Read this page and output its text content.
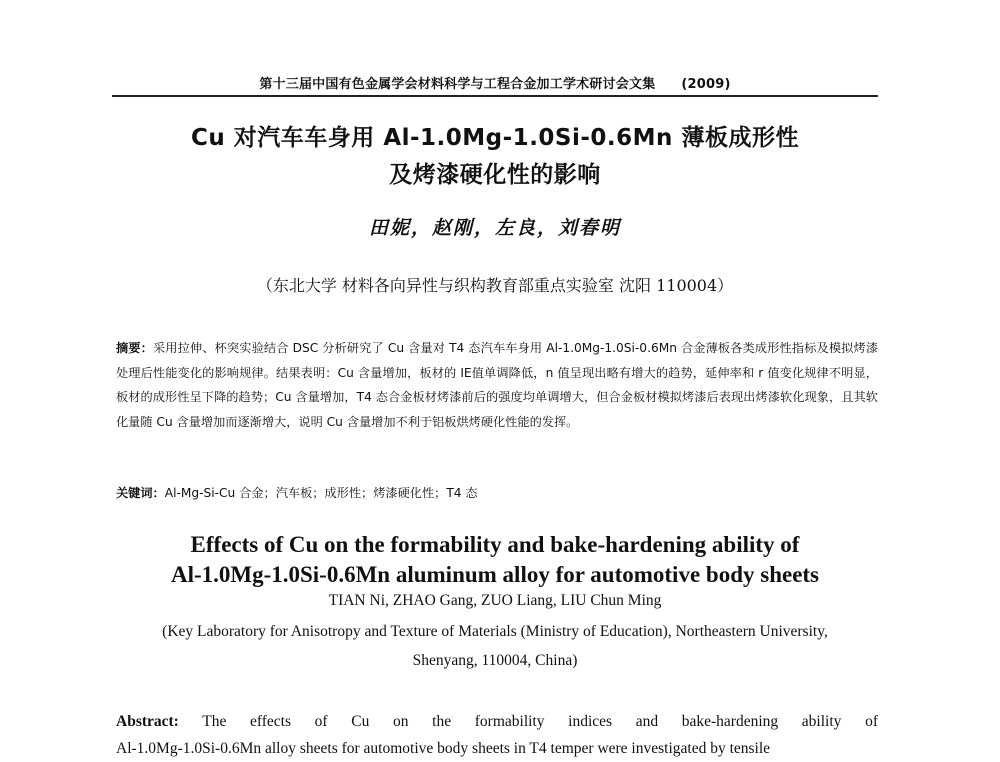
第十三届中国有色金属学会材料科学与工程合金加工学术研讨会文集 (2009)
Cu 对汽车车身用 Al-1.0Mg-1.0Si-0.6Mn 薄板成形性
及烤漆硬化性的影响
田妮，赵刚，左良，刘春明
（东北大学 材料各向异性与织构教育部重点实验室 沈阳 110004）
摘要：采用拉伸、杯突实验结合 DSC 分析研究了 Cu 含量对 T4 态汽车车身用 Al-1.0Mg-1.0Si-0.6Mn 合金薄板各类成形性指标及模拟烤漆处理后性能变化的影响规律。结果表明：Cu 含量增加，板材的 IE值单调降低，n 值呈现出略有增大的趋势，延伸率和 r 值变化规律不明显，板材的成形性呈下降的趋势；Cu 含量增加，T4 态合金板材烤漆前后的强度均单调增大，但合金板材模拟烤漆后表现出烤漆软化现象，且其软化量随 Cu 含量增加而逐渐增大，说明 Cu 含量增加不利于铝板烘烤硬化性能的发挥。
关键词：Al-Mg-Si-Cu 合金；汽车板；成形性；烤漆硬化性；T4 态
Effects of Cu on the formability and bake-hardening ability of
Al-1.0Mg-1.0Si-0.6Mn aluminum alloy for automotive body sheets
TIAN Ni, ZHAO Gang, ZUO Liang, LIU Chun Ming
(Key Laboratory for Anisotropy and Texture of Materials (Ministry of Education), Northeastern University,
Shenyang, 110004, China)
Abstract: The effects of Cu on the formability indices and bake-hardening ability of
Al-1.0Mg-1.0Si-0.6Mn alloy sheets for automotive body sheets in T4 temper were investigated by tensile
